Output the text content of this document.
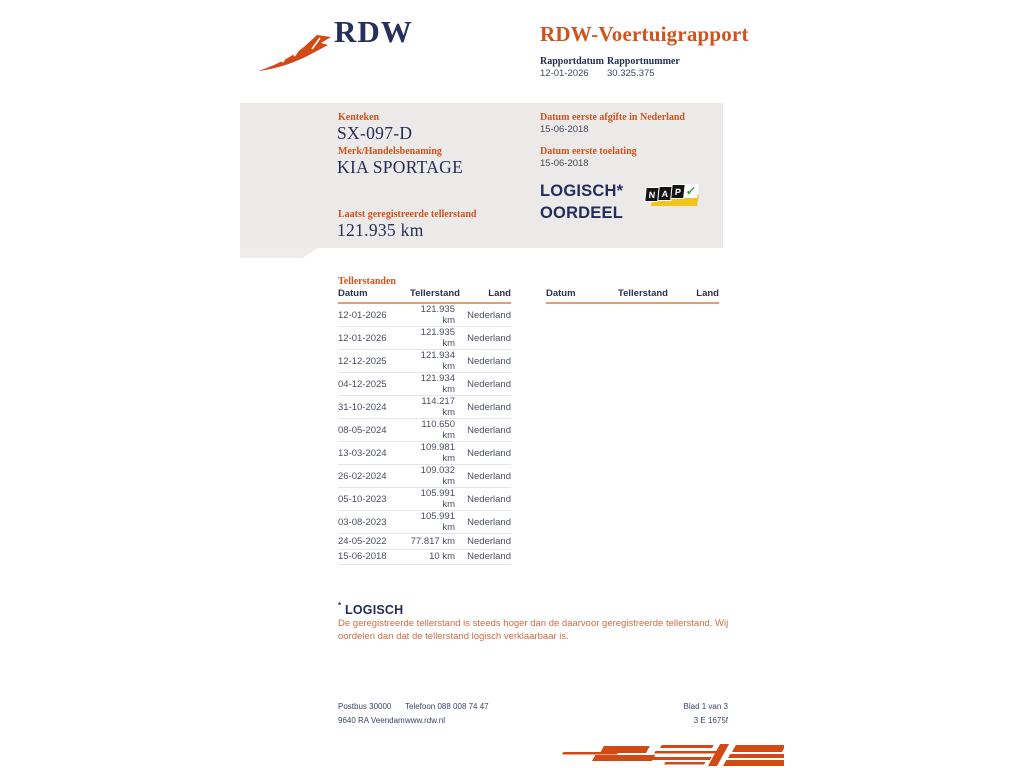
RDW	RDW-Voertuigrapport
Rapportdatum
12-01-2026
Rapportnummer
30.325.375
Kenteken
SX-097-D
Merk/Handelsbenaming
KIA SPORTAGE
Laatst geregistreerde tellerstand
121.935 km
Datum eerste afgifte in Nederland
15-06-2018
Datum eerste toelating
15-06-2018
LOGISCH*
OORDEEL
N A P ✓
Tellerstanden
Datum	Tellerstand	Land
12-01-2026	121.935 km	Nederland
12-01-2026	121.935 km	Nederland
12-12-2025	121.934 km	Nederland
04-12-2025	121.934 km	Nederland
31-10-2024	114.217 km	Nederland
08-05-2024	110.650 km	Nederland
13-03-2024	109.981 km	Nederland
26-02-2024	109.032 km	Nederland
05-10-2023	105.991 km	Nederland
03-08-2023	105.991 km	Nederland
24-05-2022	77.817 km	Nederland
15-06-2018	10 km	Nederland
Datum	Tellerstand	Land
* LOGISCH
De geregistreerde tellerstand is steeds hoger dan de daarvoor geregistreerde tellerstand. Wij oordelen dan dat de tellerstand logisch verklaarbaar is.
Postbus 30000
9640 RA Veendam
Telefoon 088 008 74 47
www.rdw.nl
Blad 1 van 3
3 E 1675f
